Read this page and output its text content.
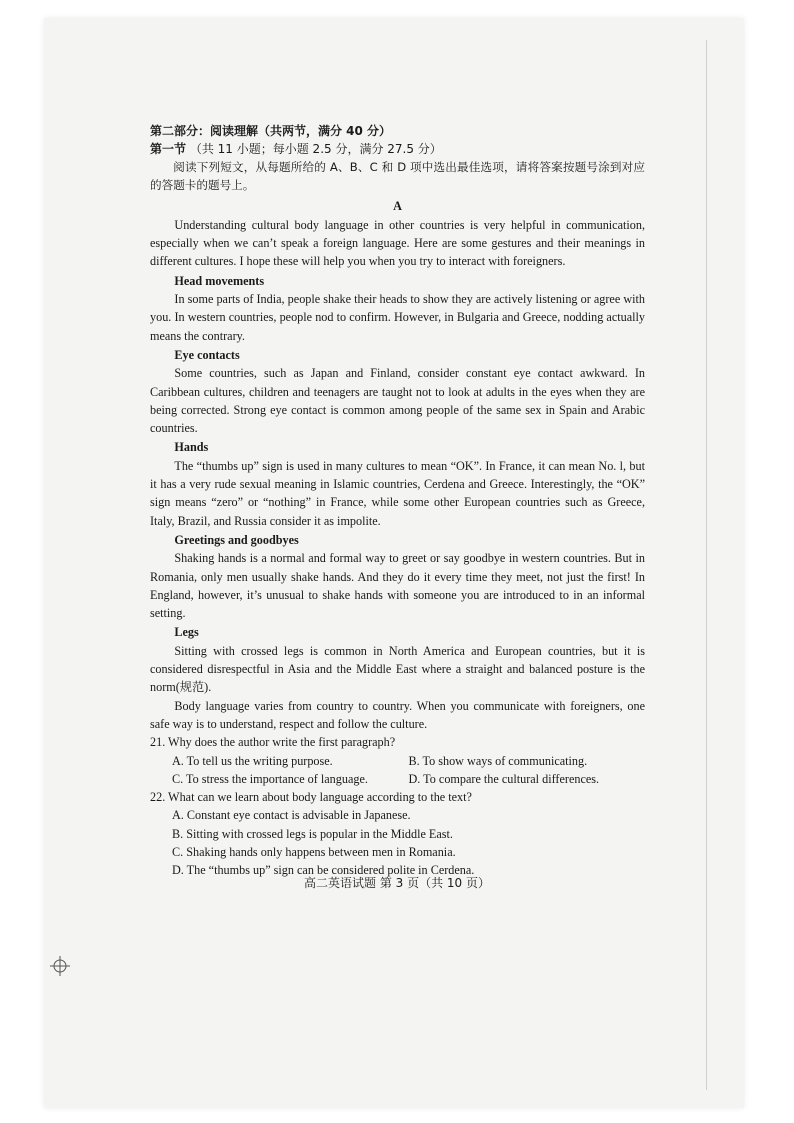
第二部分：阅读理解（共两节，满分 40 分）
第一节 （共 11 小题；每小题 2.5 分，满分 27.5 分）

阅读下列短文，从每题所给的 A、B、C 和 D 项中选出最佳选项，请将答案按题号涂到对应的答题卡的题号上。

A

Understanding cultural body language in other countries is very helpful in communication, especially when we can’t speak a foreign language. Here are some gestures and their meanings in different cultures. I hope these will help you when you try to interact with foreigners.

Head movements

In some parts of India, people shake their heads to show they are actively listening or agree with you. In western countries, people nod to confirm. However, in Bulgaria and Greece, nodding actually means the contrary.

Eye contacts

Some countries, such as Japan and Finland, consider constant eye contact awkward. In Caribbean cultures, children and teenagers are taught not to look at adults in the eyes when they are being corrected. Strong eye contact is common among people of the same sex in Spain and Arabic countries.

Hands

The “thumbs up” sign is used in many cultures to mean “OK”. In France, it can mean No. l, but it has a very rude sexual meaning in Islamic countries, Cerdena and Greece. Interestingly, the “OK” sign means “zero” or “nothing” in France, while some other European countries such as Greece, Italy, Brazil, and Russia consider it as impolite.

Greetings and goodbyes

Shaking hands is a normal and formal way to greet or say goodbye in western countries. But in Romania, only men usually shake hands. And they do it every time they meet, not just the first! In England, however, it’s unusual to shake hands with someone you are introduced to in an informal setting.

Legs

Sitting with crossed legs is common in North America and European countries, but it is considered disrespectful in Asia and the Middle East where a straight and balanced posture is the norm(规范).

Body language varies from country to country. When you communicate with foreigners, one safe way is to understand, respect and follow the culture.

21. Why does the author write the first paragraph?
A. To tell us the writing purpose.	B. To show ways of communicating.
C. To stress the importance of language.	D. To compare the cultural differences.
22. What can we learn about body language according to the text?
A. Constant eye contact is advisable in Japanese.
B. Sitting with crossed legs is popular in the Middle East.
C. Shaking hands only happens between men in Romania.
D. The “thumbs up” sign can be considered polite in Cerdena.
高二英语试题 第 3 页（共 10 页）
